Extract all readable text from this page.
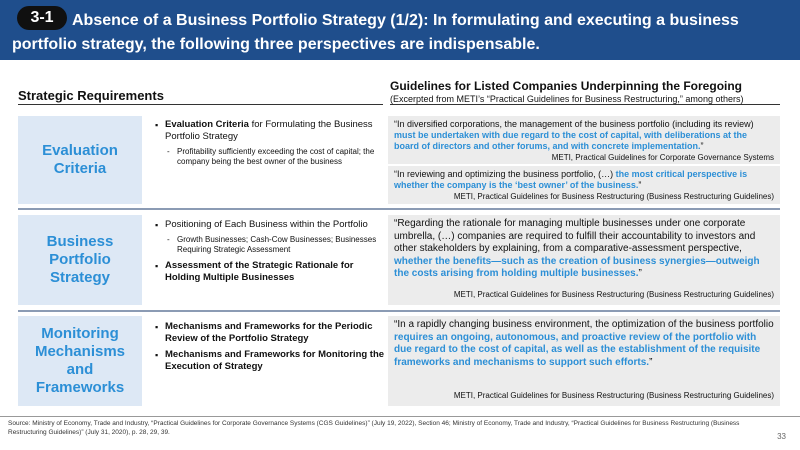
Absence of a Business Portfolio Strategy (1/2): In formulating and executing a business portfolio strategy, the following three perspectives are indispensable.
3-1
Strategic Requirements
Guidelines for Listed Companies Underpinning the Foregoing
(Excerpted from METI’s “Practical Guidelines for Business Restructuring,” among others)
Evaluation Criteria
▪ Evaluation Criteria for Formulating the Business Portfolio Strategy
- Profitability sufficiently exceeding the cost of capital; the company being the best owner of the business
“In diversified corporations, the management of the business portfolio (including its review) must be undertaken with due regard to the cost of capital, with deliberations at the board of directors and other forums, and with concrete implementation.”
METI, Practical Guidelines for Corporate Governance Systems
“In reviewing and optimizing the business portfolio, (…) the most critical perspective is whether the company is the ‘best owner’ of the business.”
METI, Practical Guidelines for Business Restructuring (Business Restructuring Guidelines)
Business Portfolio Strategy
▪ Positioning of Each Business within the Portfolio
- Growth Businesses; Cash-Cow Businesses; Businesses Requiring Strategic Assessment
▪ Assessment of the Strategic Rationale for Holding Multiple Businesses
“Regarding the rationale for managing multiple businesses under one corporate umbrella, (…) companies are required to fulfill their accountability to investors and other stakeholders by explaining, from a comparative-assessment perspective, whether the benefits—such as the creation of business synergies—outweigh the costs arising from holding multiple businesses.”
METI, Practical Guidelines for Business Restructuring (Business Restructuring Guidelines)
Monitoring Mechanisms and Frameworks
▪ Mechanisms and Frameworks for the Periodic Review of the Portfolio Strategy
▪ Mechanisms and Frameworks for Monitoring the Execution of Strategy
“In a rapidly changing business environment, the optimization of the business portfolio requires an ongoing, autonomous, and proactive review of the portfolio with due regard to the cost of capital, as well as the establishment of the requisite frameworks and mechanisms to support such efforts.”
METI, Practical Guidelines for Business Restructuring (Business Restructuring Guidelines)
Source: Ministry of Economy, Trade and Industry, “Practical Guidelines for Corporate Governance Systems (CGS Guidelines)” (July 19, 2022), Section 46; Ministry of Economy, Trade and Industry, “Practical Guidelines for Business Restructuring (Business Restructuring Guidelines)” (July 31, 2020), p. 28, 29, 39.	33
